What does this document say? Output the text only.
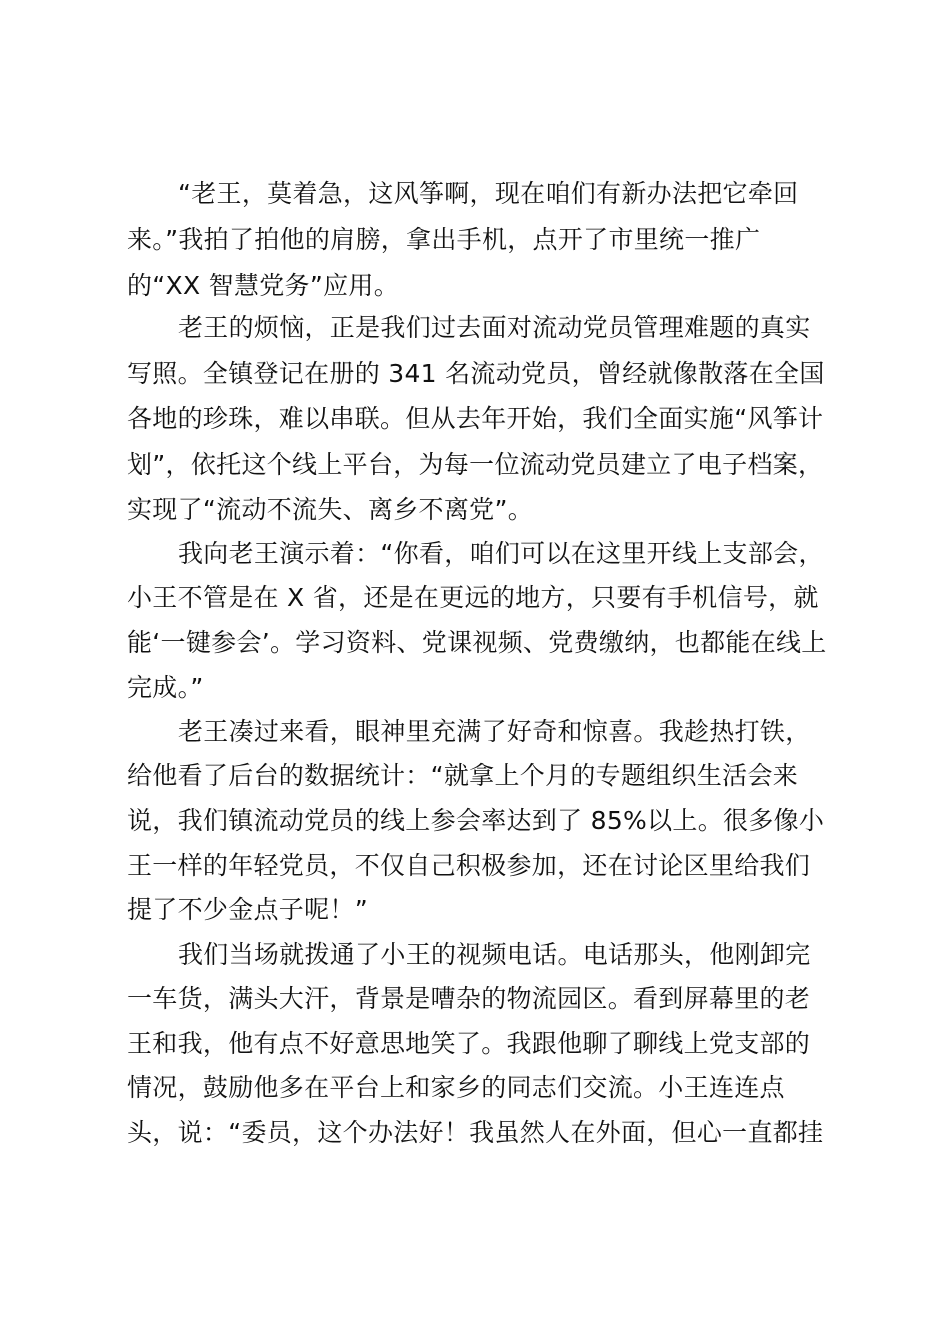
“老王，莫着急，这风筝啊，现在咱们有新办法把它牵回
来。”我拍了拍他的肩膀，拿出手机，点开了市里统一推广
的“XX 智慧党务”应用。
老王的烦恼，正是我们过去面对流动党员管理难题的真实
写照。全镇登记在册的 341 名流动党员，曾经就像散落在全国
各地的珍珠，难以串联。但从去年开始，我们全面实施“风筝计
划”，依托这个线上平台，为每一位流动党员建立了电子档案，
实现了“流动不流失、离乡不离党”。
我向老王演示着：“你看，咱们可以在这里开线上支部会，
小王不管是在 X 省，还是在更远的地方，只要有手机信号，就
能‘一键参会’。学习资料、党课视频、党费缴纳，也都能在线上
完成。”
老王凑过来看，眼神里充满了好奇和惊喜。我趁热打铁，
给他看了后台的数据统计：“就拿上个月的专题组织生活会来
说，我们镇流动党员的线上参会率达到了 85%以上。很多像小
王一样的年轻党员，不仅自己积极参加，还在讨论区里给我们
提了不少金点子呢！”
我们当场就拨通了小王的视频电话。电话那头，他刚卸完
一车货，满头大汗，背景是嘈杂的物流园区。看到屏幕里的老
王和我，他有点不好意思地笑了。我跟他聊了聊线上党支部的
情况，鼓励他多在平台上和家乡的同志们交流。小王连连点
头，说：“委员，这个办法好！我虽然人在外面，但心一直都挂
